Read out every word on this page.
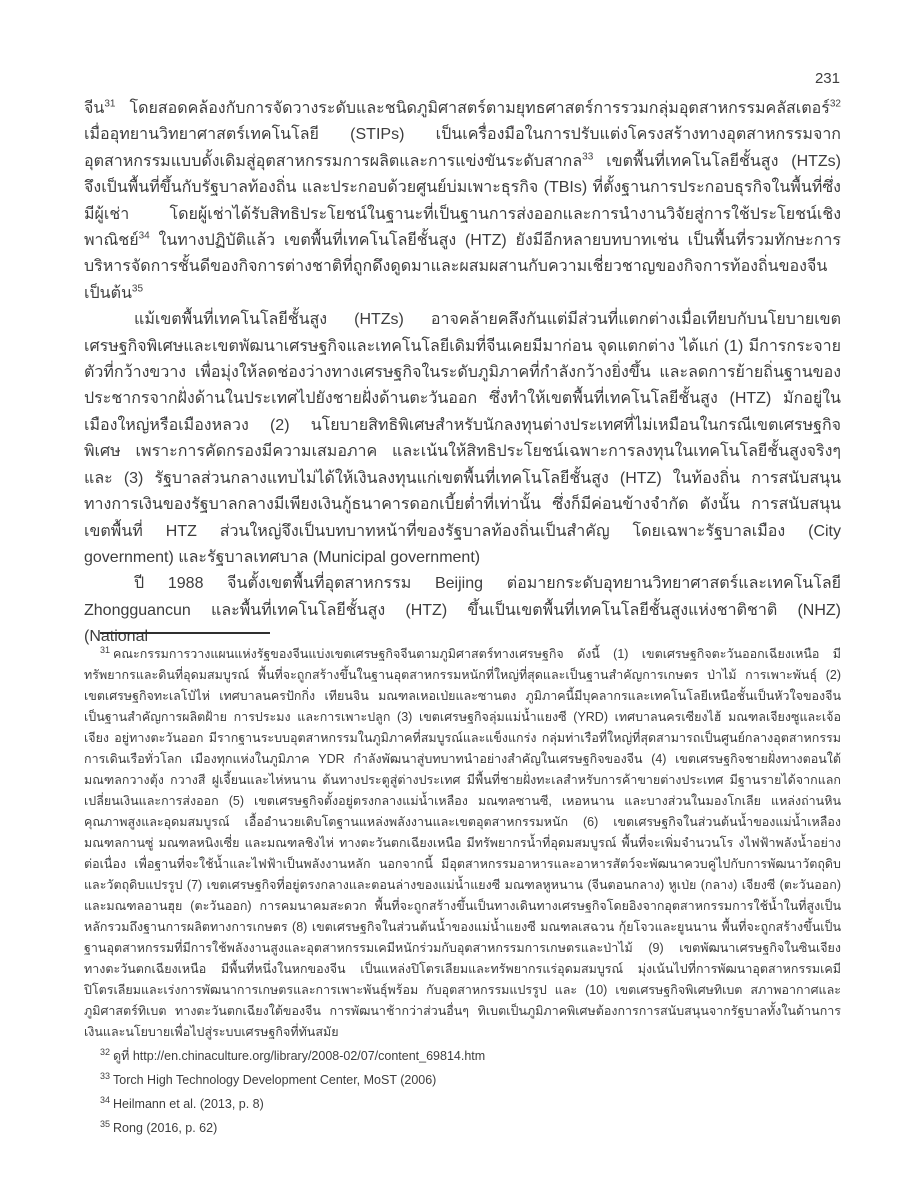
231

จีน$^{31}$ โดยสอดคล้องกับการจัดวางระดับและชนิดภูมิศาสตร์ตามยุทธศาสตร์การรวมกลุ่มอุตสาหกรรมคลัสเตอร์$^{32}$ เมื่ออุทยานวิทยาศาสตร์เทคโนโลยี (STIPs) เป็นเครื่องมือในการปรับแต่งโครงสร้างทางอุตสาหกรรมจากอุตสาหกรรมแบบดั้งเดิมสู่อุตสาหกรรมการผลิตและการแข่งขันระดับสากล$^{33}$ เขตพื้นที่เทคโนโลยีชั้นสูง (HTZs) จึงเป็นพื้นที่ขึ้นกับรัฐบาลท้องถิ่น และประกอบด้วยศูนย์บ่มเพาะธุรกิจ (TBIs) ที่ตั้งฐานการประกอบธุรกิจในพื้นที่ซึ่งมีผู้เช่า โดยผู้เช่าได้รับสิทธิประโยชน์ในฐานะที่เป็นฐานการส่งออกและการนำงานวิจัยสู่การใช้ประโยชน์เชิงพาณิชย์$^{34}$ ในทางปฏิบัติแล้ว เขตพื้นที่เทคโนโลยีชั้นสูง (HTZ) ยังมีอีกหลายบทบาทเช่น เป็นพื้นที่รวมทักษะการบริหารจัดการชั้นดีของกิจการต่างชาติที่ถูกดึงดูดมาและผสมผสานกับความเชี่ยวชาญของกิจการท้องถิ่นของจีน เป็นต้น$^{35}$

แม้เขตพื้นที่เทคโนโลยีชั้นสูง (HTZs) อาจคล้ายคลึงกันแต่มีส่วนที่แตกต่างเมื่อเทียบกับนโยบายเขตเศรษฐกิจพิเศษและเขตพัฒนาเศรษฐกิจและเทคโนโลยีเดิมที่จีนเคยมีมาก่อน จุดแตกต่าง ได้แก่ (1) มีการกระจายตัวที่กว้างขวาง เพื่อมุ่งให้ลดช่องว่างทางเศรษฐกิจในระดับภูมิภาคที่กำลังกว้างยิ่งขึ้น และลดการย้ายถิ่นฐานของประชากรจากฝั่งด้านในประเทศไปยังชายฝั่งด้านตะวันออก ซึ่งทำให้เขตพื้นที่เทคโนโลยีชั้นสูง (HTZ) มักอยู่ในเมืองใหญ่หรือเมืองหลวง (2) นโยบายสิทธิพิเศษสำหรับนักลงทุนต่างประเทศที่ไม่เหมือนในกรณีเขตเศรษฐกิจพิเศษ เพราะการคัดกรองมีความเสมอภาค และเน้นให้สิทธิประโยชน์เฉพาะการลงทุนในเทคโนโลยีชั้นสูงจริงๆ และ (3) รัฐบาลส่วนกลางแทบไม่ได้ให้เงินลงทุนแก่เขตพื้นที่เทคโนโลยีชั้นสูง (HTZ) ในท้องถิ่น การสนับสนุนทางการเงินของรัฐบาลกลางมีเพียงเงินกู้ธนาคารดอกเบี้ยต่ำที่เท่านั้น ซึ่งก็มีค่อนข้างจำกัด ดังนั้น การสนับสนุนเขตพื้นที่ HTZ ส่วนใหญ่จึงเป็นบทบาทหน้าที่ของรัฐบาลท้องถิ่นเป็นสำคัญ โดยเฉพาะรัฐบาลเมือง (City government) และรัฐบาลเทศบาล (Municipal government)

ปี 1988 จีนตั้งเขตพื้นที่อุตสาหกรรม Beijing ต่อมายกระดับอุทยานวิทยาศาสตร์และเทคโนโลยี Zhongguancun และพื้นที่เทคโนโลยีชั้นสูง (HTZ) ขึ้นเป็นเขตพื้นที่เทคโนโลยีชั้นสูงแห่งชาติชาติ (NHZ) (National

$^{31}$ คณะกรรมการวางแผนแห่งรัฐของจีนแบ่งเขตเศรษฐกิจจีนตามภูมิศาสตร์ทางเศรษฐกิจ ดังนี้ (1) เขตเศรษฐกิจตะวันออกเฉียงเหนือ มีทรัพยากรและดินที่อุดมสมบูรณ์ พื้นที่จะถูกสร้างขึ้นในฐานอุตสาหกรรมหนักที่ใหญ่ที่สุดและเป็นฐานสำคัญการเกษตร ป่าไม้ การเพาะพันธุ์ (2) เขตเศรษฐกิจทะเลโป๋ไห่ เทศบาลนครปักกิ่ง เทียนจิน มณฑลเหอเป่ยและซานตง ภูมิภาคนี้มีบุคลากรและเทคโนโลยีเหนือชั้นเป็นหัวใจของจีน เป็นฐานสำคัญการผลิตฝ้าย การประมง และการเพาะปลูก (3) เขตเศรษฐกิจลุ่มแม่น้ำแยงซี (YRD) เทศบาลนครเซียงไฮ้ มณฑลเจียงซูและเจ้อเจียง อยู่ทางตะวันออก มีรากฐานระบบอุตสาหกรรมในภูมิภาคที่สมบูรณ์และแข็งแกร่ง กลุ่มท่าเรือที่ใหญ่ที่สุดสามารถเป็นศูนย์กลางอุตสาหกรรมการเดินเรือทั่วโลก เมืองทุกแห่งในภูมิภาค YDR กำลังพัฒนาสู่บทบาทนำอย่างสำคัญในเศรษฐกิจของจีน (4) เขตเศรษฐกิจชายฝั่งทางตอนใต้ มณฑลกวางตุ้ง กวางสี ฝูเจี้ยนและไห่หนาน ต้นทางประตูสู่ต่างประเทศ มีพื้นที่ชายฝั่งทะเลสำหรับการค้าขายต่างประเทศ มีฐานรายได้จากแลกเปลี่ยนเงินและการส่งออก (5) เขตเศรษฐกิจตั้งอยู่ตรงกลางแม่น้ำเหลือง มณฑลซานซี, เหอหนาน และบางส่วนในมองโกเลีย แหล่งถ่านหินคุณภาพสูงและอุดมสมบูรณ์ เอื้ออำนวยเติบโตฐานแหล่งพลังงานและเขตอุตสาหกรรมหนัก (6) เขตเศรษฐกิจในส่วนต้นน้ำของแม่น้ำเหลือง มณฑลกานซู่ มณฑลหนิงเซี่ย และมณฑลชิงไห่ ทางตะวันตกเฉียงเหนือ มีทรัพยากรน้ำที่อุดมสมบูรณ์ พื้นที่จะเพิ่มจำนวนโร งไฟฟ้าพลังน้ำอย่างต่อเนื่อง เพื่อฐานที่จะใช้น้ำและไฟฟ้าเป็นพลังงานหลัก นอกจากนี้ มีอุตสาหกรรมอาหารและอาหารสัตว์จะพัฒนาควบคู่ไปกับการพัฒนาวัตถุดิบและวัตถุดิบแปรรูป (7) เขตเศรษฐกิจที่อยู่ตรงกลางและตอนล่างของแม่น้ำแยงซี มณฑลหูหนาน (จีนตอนกลาง) หูเป่ย (กลาง) เจียงซี (ตะวันออก) และมณฑลอานฮุย (ตะวันออก) การคมนาคมสะดวก พื้นที่จะถูกสร้างขึ้นเป็นทางเดินทางเศรษฐกิจโดยอิงจากอุตสาหกรรมการใช้น้ำในที่สูงเป็นหลักรวมถึงฐานการผลิตทางการเกษตร (8) เขตเศรษฐกิจในส่วนต้นน้ำของแม่น้ำแยงซี มณฑลเสฉวน กุ้ยโจวและยูนนาน พื้นที่จะถูกสร้างขึ้นเป็นฐานอุตสาหกรรมที่มีการใช้พลังงานสูงและอุตสาหกรรมเคมีหนักร่วมกับอุตสาหกรรมการเกษตรและป่าไม้ (9) เขตพัฒนาเศรษฐกิจในซินเจียง ทางตะวันตกเฉียงเหนือ มีพื้นที่หนึ่งในหกของจีน เป็นแหล่งปิโตรเลียมและทรัพยากรแร่อุดมสมบูรณ์ มุ่งเน้นไปที่การพัฒนาอุตสาหกรรมเคมีปิโตรเลียมและเร่งการพัฒนาการเกษตรและการเพาะพันธุ์พร้อม กับอุตสาหกรรมแปรรูป และ (10) เขตเศรษฐกิจพิเศษทิเบต สภาพอากาศและภูมิศาสตร์ทิเบต ทางตะวันตกเฉียงใต้ของจีน การพัฒนาช้ากว่าส่วนอื่นๆ ทิเบตเป็นภูมิภาคพิเศษต้องการการสนับสนุนจากรัฐบาลทั้งในด้านการเงินและนโยบายเพื่อไปสู่ระบบเศรษฐกิจที่ทันสมัย
$^{32}$ ดูที่ http://en.chinaculture.org/library/2008-02/07/content_69814.htm
$^{33}$ Torch High Technology Development Center, MoST (2006)
$^{34}$ Heilmann et al. (2013, p. 8)
$^{35}$ Rong (2016, p. 62)
